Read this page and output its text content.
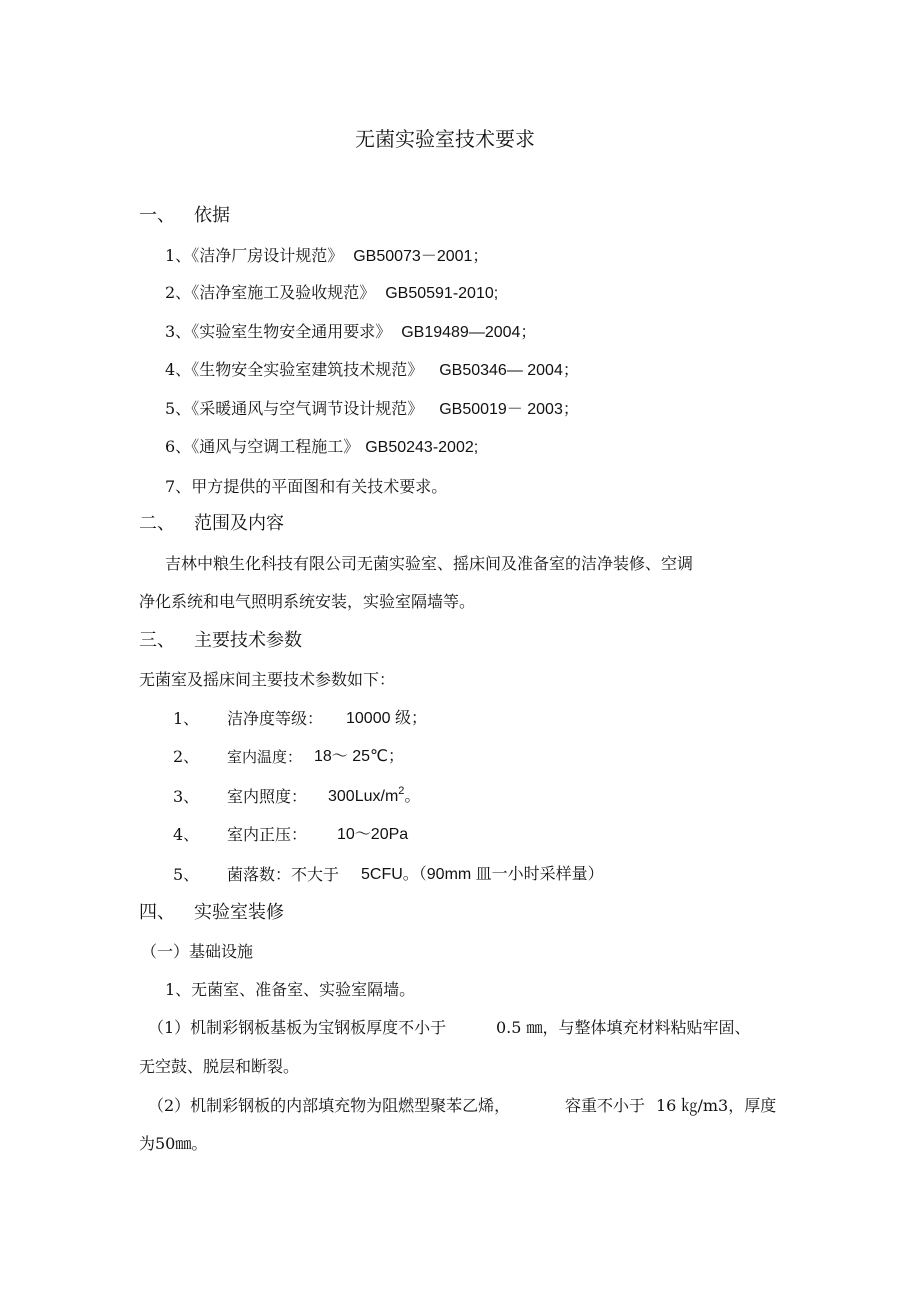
无菌实验室技术要求
一、 依据
1、《洁净厂房设计规范》 GB50073－2001；
2、《洁净室施工及验收规范》 GB50591-2010;
3、《实验室生物安全通用要求》 GB19489—2004；
4、《生物安全实验室建筑技术规范》 GB50346— 2004；
5、《采暖通风与空气调节设计规范》 GB50019－ 2003；
6、《通风与空调工程施工》 GB50243-2002;
7、甲方提供的平面图和有关技术要求。
二、 范围及内容
吉林中粮生化科技有限公司无菌实验室、摇床间及准备室的洁净装修、空调
净化系统和电气照明系统安装，实验室隔墙等。
三、 主要技术参数
无菌室及摇床间主要技术参数如下：
1、 洁净度等级： 10000 级；
2、 室内温度： 18～ 25℃；
3、 室内照度： $300Lux/m^2$。
4、 室内正压： 10～20Pa
5、 菌落数：不大于 5CFU。（90mm 皿一小时采样量）
四、 实验室装修
（一）基础设施
1、无菌室、准备室、实验室隔墙。
（1）机制彩钢板基板为宝钢板厚度不小于	0.5 ㎜，与整体填充材料粘贴牢固、
无空鼓、脱层和断裂。
（2）机制彩钢板的内部填充物为阻燃型聚苯乙烯，	容重不小于 16 ㎏/m3，厚度
为50㎜。
